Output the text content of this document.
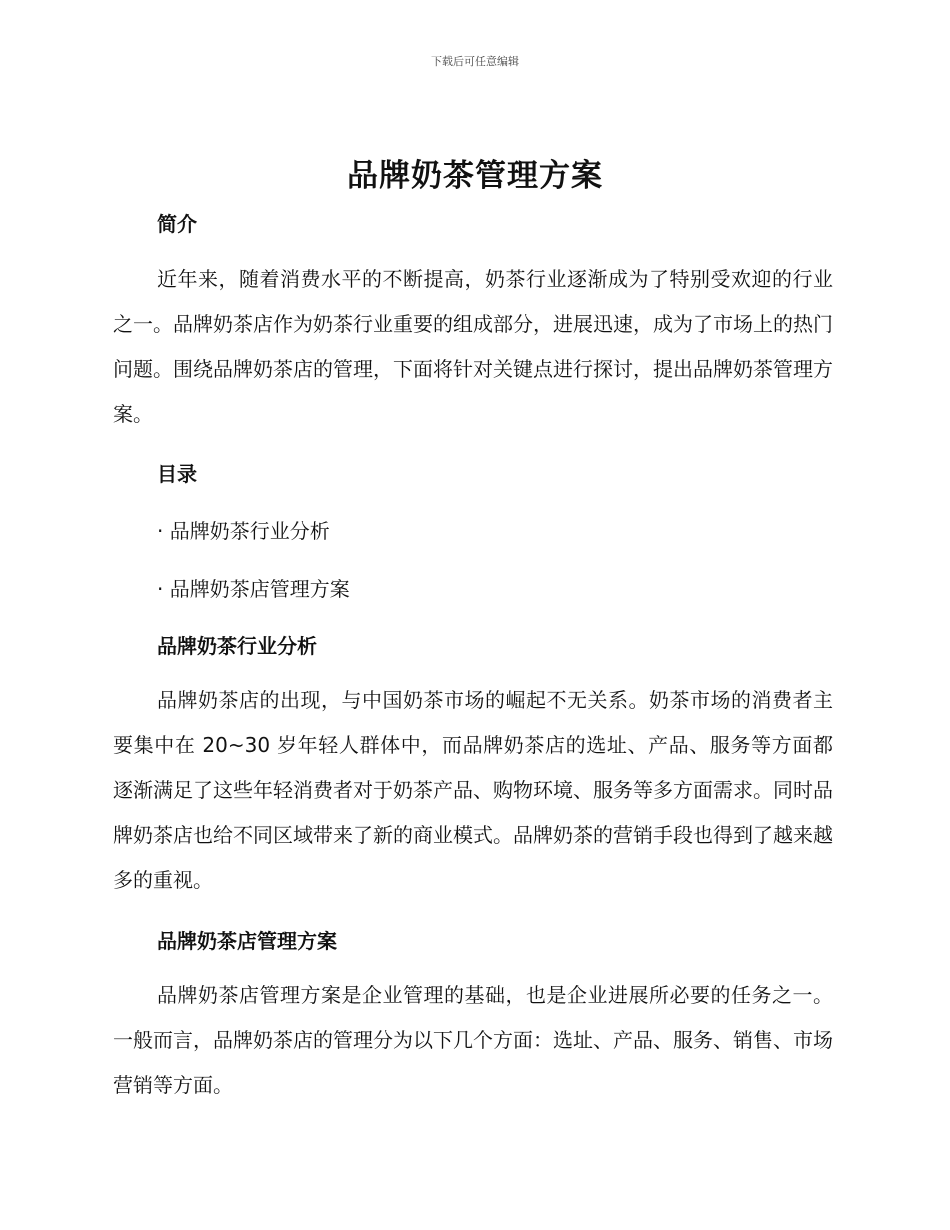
下载后可任意编辑
品牌奶茶管理方案
简介

近年来，随着消费水平的不断提高，奶茶行业逐渐成为了特别受欢迎的行业之一。品牌奶茶店作为奶茶行业重要的组成部分，进展迅速，成为了市场上的热门问题。围绕品牌奶茶店的管理，下面将针对关键点进行探讨，提出品牌奶茶管理方案。

目录

· 品牌奶茶行业分析

· 品牌奶茶店管理方案

品牌奶茶行业分析

品牌奶茶店的出现，与中国奶茶市场的崛起不无关系。奶茶市场的消费者主要集中在 20~30 岁年轻人群体中，而品牌奶茶店的选址、产品、服务等方面都逐渐满足了这些年轻消费者对于奶茶产品、购物环境、服务等多方面需求。同时品牌奶茶店也给不同区域带来了新的商业模式。品牌奶茶的营销手段也得到了越来越多的重视。

品牌奶茶店管理方案

品牌奶茶店管理方案是企业管理的基础，也是企业进展所必要的任务之一。一般而言，品牌奶茶店的管理分为以下几个方面：选址、产品、服务、销售、市场营销等方面。
